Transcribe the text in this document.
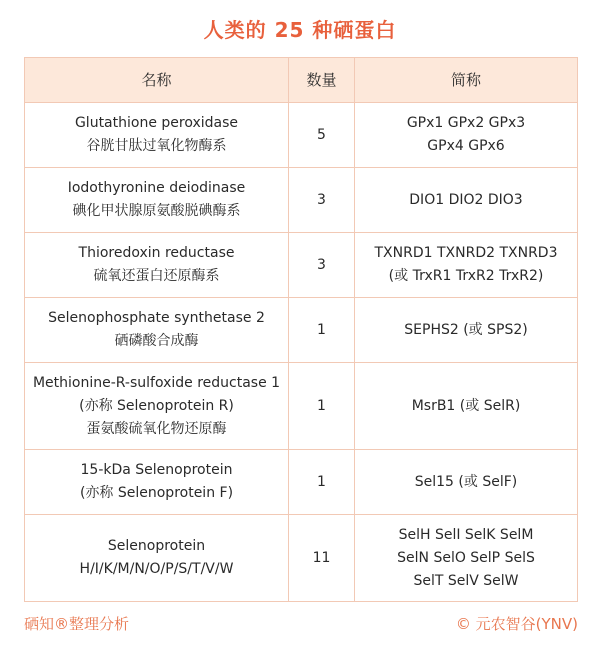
人类的 25 种硒蛋白
名称	数量	简称

Glutathione peroxidase
谷胱甘肽过氧化物酶系	5	GPx1 GPx2 GPx3
GPx4 GPx6

Iodothyronine deiodinase
碘化甲状腺原氨酸脱碘酶系	3	DIO1 DIO2 DIO3

Thioredoxin reductase
硫氧还蛋白还原酶系	3	TXNRD1 TXNRD2 TXNRD3
(或 TrxR1 TrxR2 TrxR2)

Selenophosphate synthetase 2
硒磷酸合成酶	1	SEPHS2 (或 SPS2)

Methionine-R-sulfoxide reductase 1
(亦称 Selenoprotein R)
蛋氨酸硫氧化物还原酶	1	MsrB1 (或 SelR)

15-kDa Selenoprotein
(亦称 Selenoprotein F)	1	Sel15 (或 SelF)

Selenoprotein
H/I/K/M/N/O/P/S/T/V/W	11	SelH SelI SelK SelM
SelN SelO SelP SelS
SelT SelV SelW
硒知®整理分析	© 元农智谷(YNV)
